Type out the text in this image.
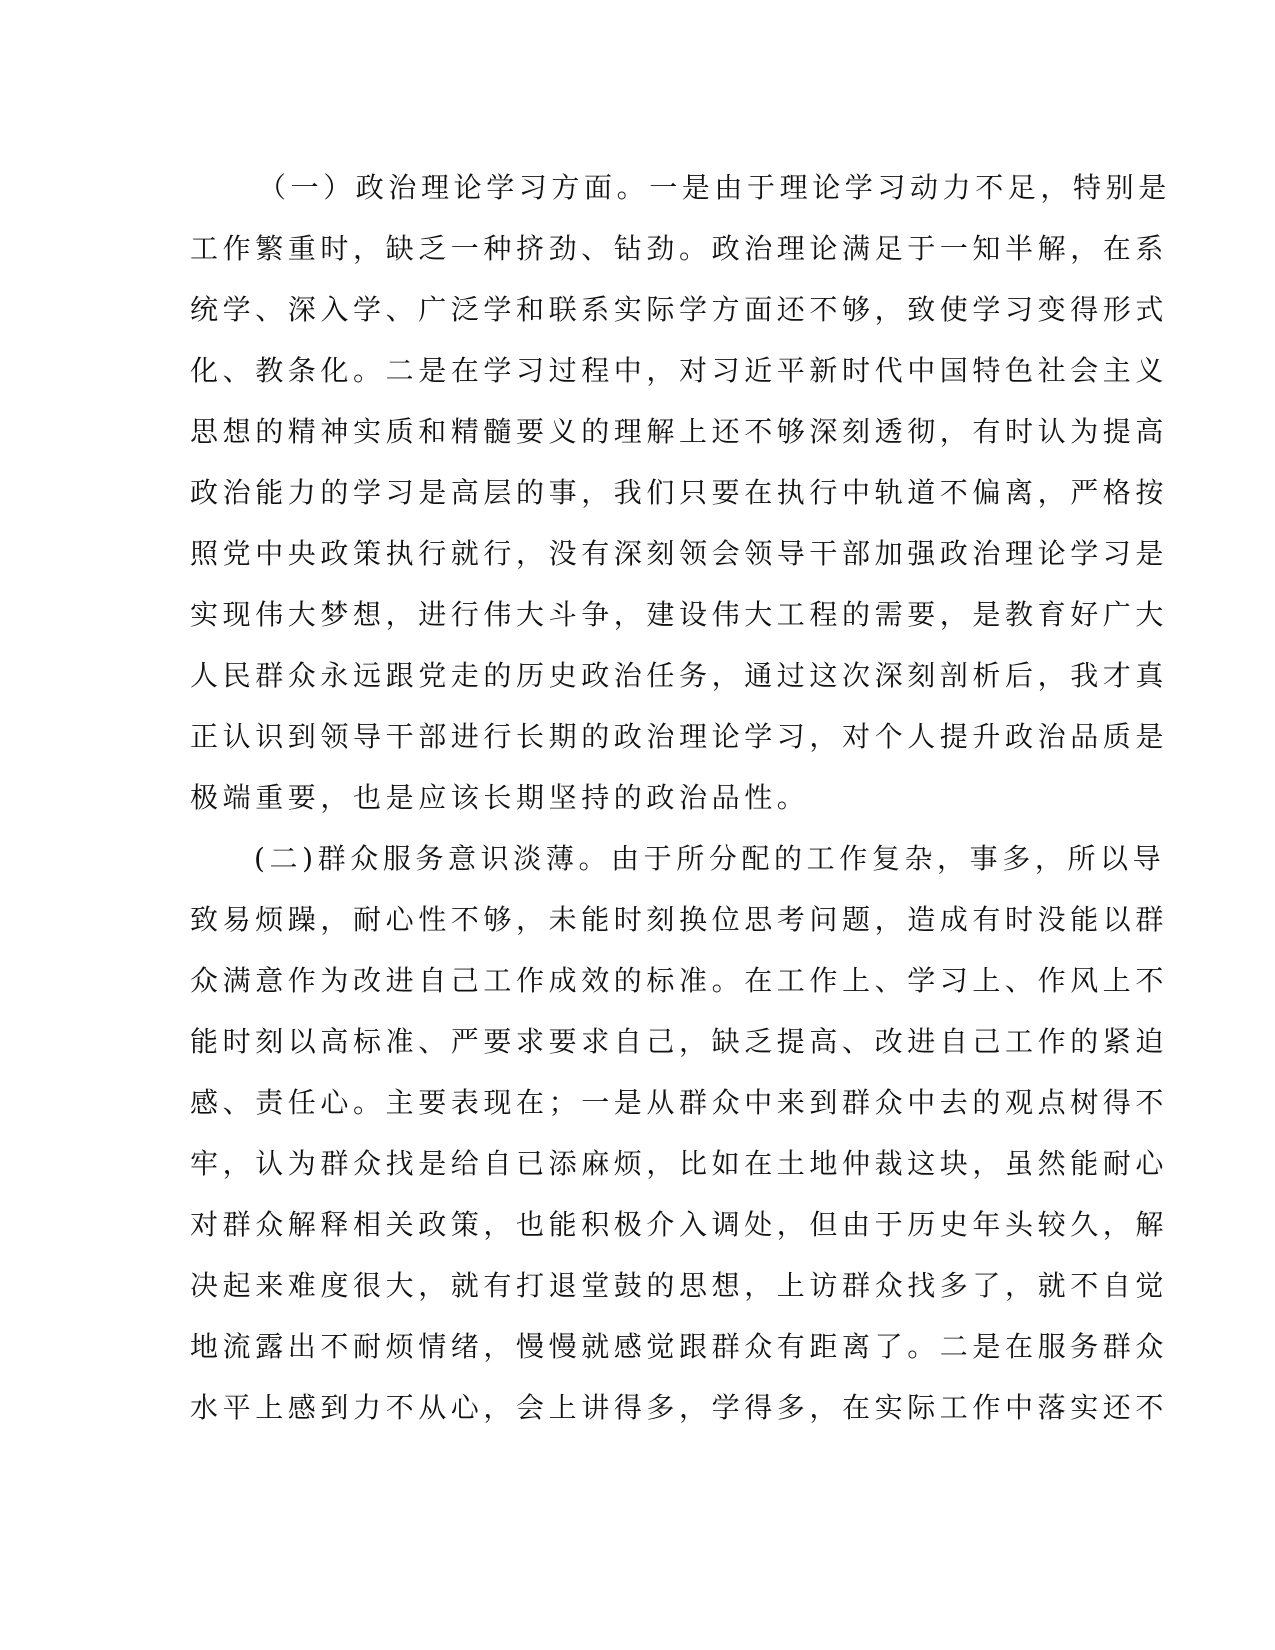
（一）政治理论学习方面。一是由于理论学习动力不足，特别是
工作繁重时，缺乏一种挤劲、钻劲。政治理论满足于一知半解，在系
统学、深入学、广泛学和联系实际学方面还不够，致使学习变得形式
化、教条化。二是在学习过程中，对习近平新时代中国特色社会主义
思想的精神实质和精髓要义的理解上还不够深刻透彻，有时认为提高
政治能力的学习是高层的事，我们只要在执行中轨道不偏离，严格按
照党中央政策执行就行，没有深刻领会领导干部加强政治理论学习是
实现伟大梦想，进行伟大斗争，建设伟大工程的需要，是教育好广大
人民群众永远跟党走的历史政治任务，通过这次深刻剖析后，我才真
正认识到领导干部进行长期的政治理论学习，对个人提升政治品质是
极端重要，也是应该长期坚持的政治品性。
(二)群众服务意识淡薄。由于所分配的工作复杂，事多，所以导
致易烦躁，耐心性不够，未能时刻换位思考问题，造成有时没能以群
众满意作为改进自己工作成效的标准。在工作上、学习上、作风上不
能时刻以高标准、严要求要求自己，缺乏提高、改进自己工作的紧迫
感、责任心。主要表现在；一是从群众中来到群众中去的观点树得不
牢，认为群众找是给自已添麻烦，比如在土地仲裁这块，虽然能耐心
对群众解释相关政策，也能积极介入调处，但由于历史年头较久，解
决起来难度很大，就有打退堂鼓的思想，上访群众找多了，就不自觉
地流露出不耐烦情绪，慢慢就感觉跟群众有距离了。二是在服务群众
水平上感到力不从心，会上讲得多，学得多，在实际工作中落实还不
